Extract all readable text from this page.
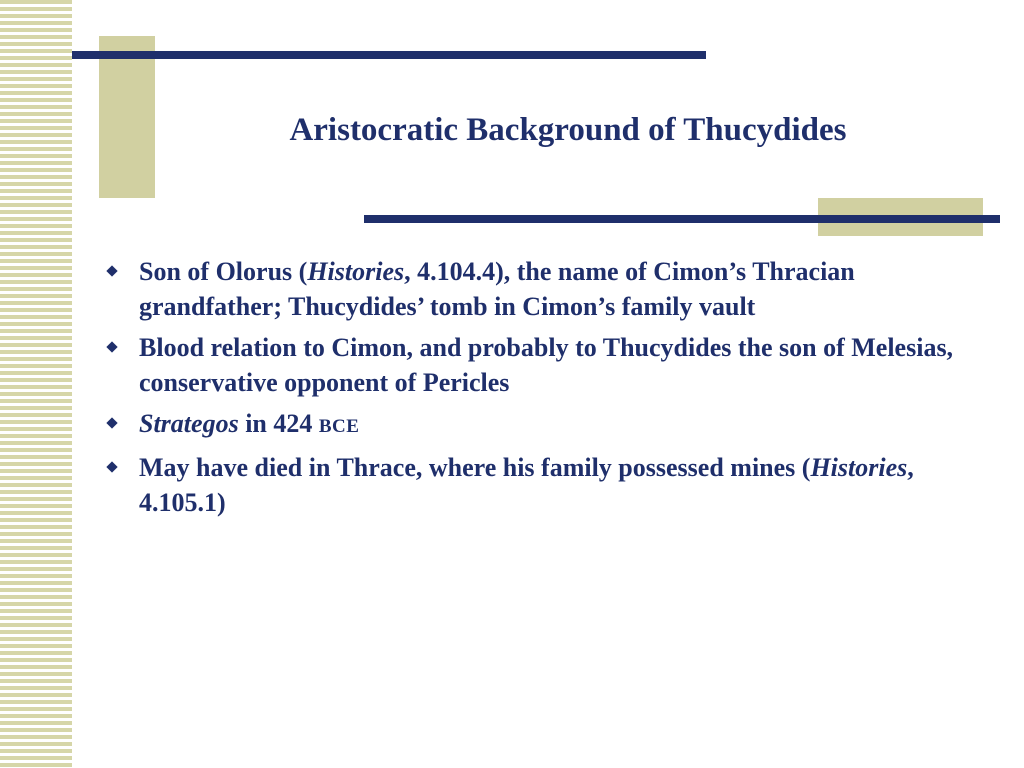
Aristocratic Background of Thucydides
Son of Olorus (Histories, 4.104.4), the name of Cimon’s Thracian grandfather; Thucydides’ tomb in Cimon’s family vault
Blood relation to Cimon, and probably to Thucydides the son of Melesias, conservative opponent of Pericles
Strategos in 424 BCE
May have died in Thrace, where his family possessed mines (Histories, 4.105.1)
